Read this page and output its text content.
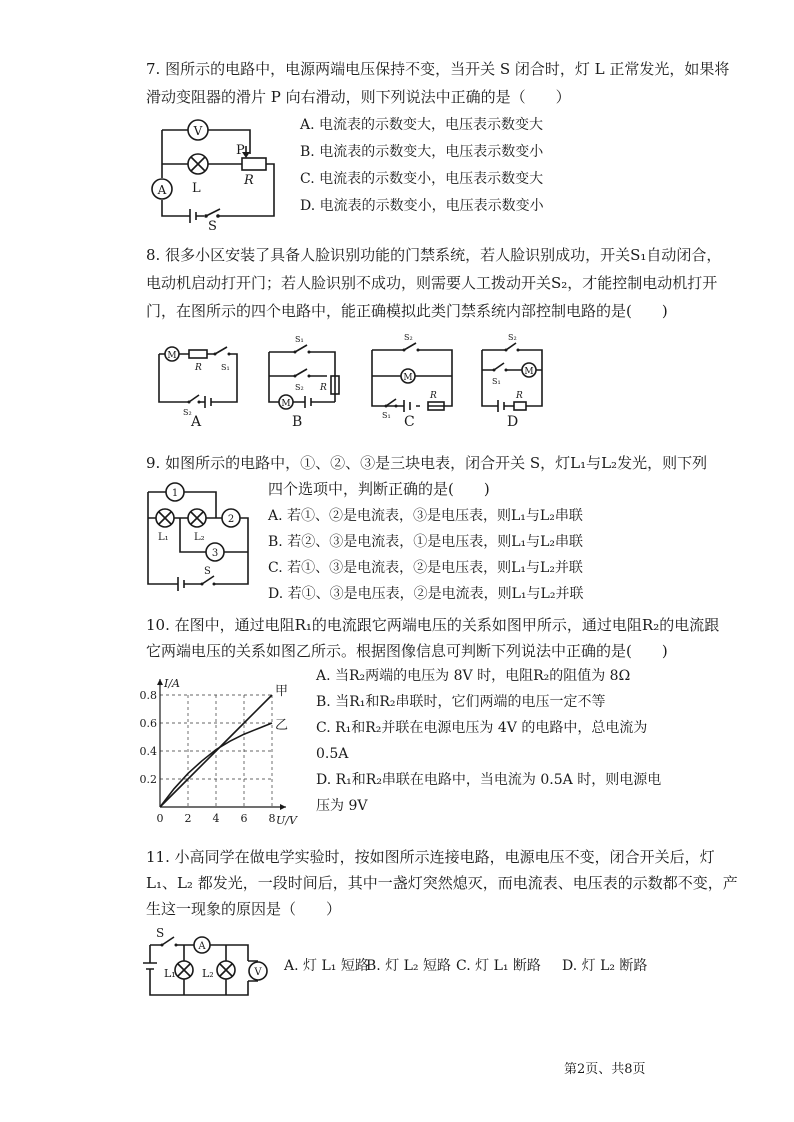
7. 图所示的电路中，电源两端电压保持不变，当开关 S 闭合时，灯 L 正常发光，如果将
滑动变阻器的滑片 P 向右滑动，则下列说法中正确的是（　　）
V
P
R
L
A
S
A. 电流表的示数变大，电压表示数变大
B. 电流表的示数变大，电压表示数变小
C. 电流表的示数变小，电压表示数变大
D. 电流表的示数变小，电压表示数变小
8. 很多小区安装了具备人脸识别功能的门禁系统，若人脸识别成功，开关S₁自动闭合，
电动机启动打开门；若人脸识别不成功，则需要人工拨动开关S₂，才能控制电动机打开
门，在图所示的四个电路中，能正确模拟此类门禁系统内部控制电路的是(　　)
M
R S₁
S₂
A
S₁
S₂ R
M
B
S₂
M
S₁
R
C
S₂
S₁
M
R
D
9. 如图所示的电路中，①、②、③是三块电表，闭合开关 S，灯L₁与L₂发光，则下列
四个选项中，判断正确的是(　　)
1
L₁	L₂
2
3
S
A. 若①、②是电流表，③是电压表，则L₁与L₂串联
B. 若②、③是电流表，①是电压表，则L₁与L₂串联
C. 若①、③是电流表，②是电压表，则L₁与L₂并联
D. 若①、③是电压表，②是电流表，则L₁与L₂并联
10. 在图中，通过电阻R₁的电流跟它两端电压的关系如图甲所示，通过电阻R₂的电流跟
它两端电压的关系如图乙所示。根据图像信息可判断下列说法中正确的是(　　)
甲
乙
0 2 4 6 8
0.2
0.4
0.6
0.8
I/A
U/V
A. 当R₂两端的电压为 8V 时，电阻R₂的阻值为 8Ω
B. 当R₁和R₂串联时，它们两端的电压一定不等
C. R₁和R₂并联在电源电压为 4V 的电路中，总电流为
0.5A
D. R₁和R₂串联在电路中，当电流为 0.5A 时，则电源电
压为 9V
11. 小高同学在做电学实验时，按如图所示连接电路，电源电压不变，闭合开关后，灯
L₁、L₂ 都发光，一段时间后，其中一盏灯突然熄灭，而电流表、电压表的示数都不变，产
生这一现象的原因是（　　）
S
A
L₁ L₂	V A. 灯 L₁ 短路
B. 灯 L₂ 短路 C. 灯 L₁ 断路 D. 灯 L₂ 断路
第2页、共8页
